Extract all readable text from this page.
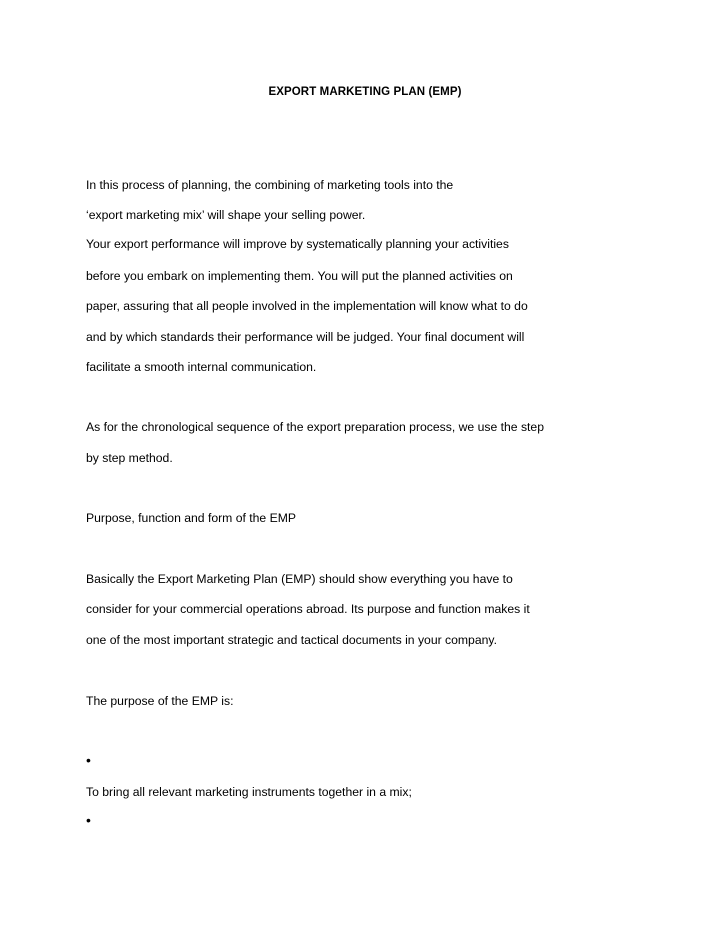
EXPORT MARKETING PLAN (EMP)
In this process of planning, the combining of marketing tools into the
‘export marketing mix’ will shape your selling power.
Your export performance will improve by systematically planning your activities
before you embark on implementing them. You will put the planned activities on
paper, assuring that all people involved in the implementation will know what to do
and by which standards their performance will be judged. Your final document will
facilitate a smooth internal communication.
As for the chronological sequence of the export preparation process, we use the step
by step method.
Purpose, function and form of the EMP
Basically the Export Marketing Plan (EMP) should show everything you have to
consider for your commercial operations abroad. Its purpose and function makes it
one of the most important strategic and tactical documents in your company.
The purpose of the EMP is:
•
To bring all relevant marketing instruments together in a mix;
•
